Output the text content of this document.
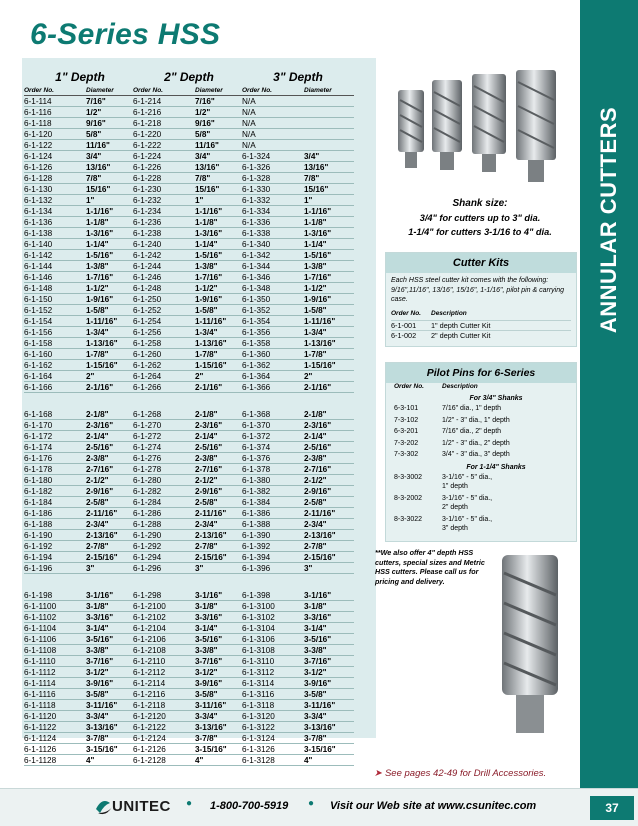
ANNULAR CUTTERS
6-Series HSS
1" Depth
Order No.	Diameter
6-1-114	7/16"
6-1-116	1/2"
6-1-118	9/16"
6-1-120	5/8"
6-1-122	11/16"
6-1-124	3/4"
6-1-126	13/16"
6-1-128	7/8"
6-1-130	15/16"
6-1-132	1"
6-1-134	1-1/16"
6-1-136	1-1/8"
6-1-138	1-3/16"
6-1-140	1-1/4"
6-1-142	1-5/16"
6-1-144	1-3/8"
6-1-146	1-7/16"
6-1-148	1-1/2"
6-1-150	1-9/16"
6-1-152	1-5/8"
6-1-154	1-11/16"
6-1-156	1-3/4"
6-1-158	1-13/16"
6-1-160	1-7/8"
6-1-162	1-15/16"
6-1-164	2"
6-1-166	2-1/16"
6-1-168	2-1/8"
6-1-170	2-3/16"
6-1-172	2-1/4"
6-1-174	2-5/16"
6-1-176	2-3/8"
6-1-178	2-7/16"
6-1-180	2-1/2"
6-1-182	2-9/16"
6-1-184	2-5/8"
6-1-186	2-11/16"
6-1-188	2-3/4"
6-1-190	2-13/16"
6-1-192	2-7/8"
6-1-194	2-15/16"
6-1-196	3"
6-1-198	3-1/16"
6-1-1100	3-1/8"
6-1-1102	3-3/16"
6-1-1104	3-1/4"
6-1-1106	3-5/16"
6-1-1108	3-3/8"
6-1-1110	3-7/16"
6-1-1112	3-1/2"
6-1-1114	3-9/16"
6-1-1116	3-5/8"
6-1-1118	3-11/16"
6-1-1120	3-3/4"
6-1-1122	3-13/16"
6-1-1124	3-7/8"
6-1-1126	3-15/16"
6-1-1128	4"
2" Depth
Order No.	Diameter
6-1-214	7/16"
6-1-216	1/2"
6-1-218	9/16"
6-1-220	5/8"
6-1-222	11/16"
6-1-224	3/4"
6-1-226	13/16"
6-1-228	7/8"
6-1-230	15/16"
6-1-232	1"
6-1-234	1-1/16"
6-1-236	1-1/8"
6-1-238	1-3/16"
6-1-240	1-1/4"
6-1-242	1-5/16"
6-1-244	1-3/8"
6-1-246	1-7/16"
6-1-248	1-1/2"
6-1-250	1-9/16"
6-1-252	1-5/8"
6-1-254	1-11/16"
6-1-256	1-3/4"
6-1-258	1-13/16"
6-1-260	1-7/8"
6-1-262	1-15/16"
6-1-264	2"
6-1-266	2-1/16"
6-1-268	2-1/8"
6-1-270	2-3/16"
6-1-272	2-1/4"
6-1-274	2-5/16"
6-1-276	2-3/8"
6-1-278	2-7/16"
6-1-280	2-1/2"
6-1-282	2-9/16"
6-1-284	2-5/8"
6-1-286	2-11/16"
6-1-288	2-3/4"
6-1-290	2-13/16"
6-1-292	2-7/8"
6-1-294	2-15/16"
6-1-296	3"
6-1-298	3-1/16"
6-1-2100	3-1/8"
6-1-2102	3-3/16"
6-1-2104	3-1/4"
6-1-2106	3-5/16"
6-1-2108	3-3/8"
6-1-2110	3-7/16"
6-1-2112	3-1/2"
6-1-2114	3-9/16"
6-1-2116	3-5/8"
6-1-2118	3-11/16"
6-1-2120	3-3/4"
6-1-2122	3-13/16"
6-1-2124	3-7/8"
6-1-2126	3-15/16"
6-1-2128	4"
3" Depth
Order No.	Diameter
N/A
N/A
N/A
N/A
N/A
6-1-324	3/4"
6-1-326	13/16"
6-1-328	7/8"
6-1-330	15/16"
6-1-332	1"
6-1-334	1-1/16"
6-1-336	1-1/8"
6-1-338	1-3/16"
6-1-340	1-1/4"
6-1-342	1-5/16"
6-1-344	1-3/8"
6-1-346	1-7/16"
6-1-348	1-1/2"
6-1-350	1-9/16"
6-1-352	1-5/8"
6-1-354	1-11/16"
6-1-356	1-3/4"
6-1-358	1-13/16"
6-1-360	1-7/8"
6-1-362	1-15/16"
6-1-364	2"
6-1-366	2-1/16"
6-1-368	2-1/8"
6-1-370	2-3/16"
6-1-372	2-1/4"
6-1-374	2-5/16"
6-1-376	2-3/8"
6-1-378	2-7/16"
6-1-380	2-1/2"
6-1-382	2-9/16"
6-1-384	2-5/8"
6-1-386	2-11/16"
6-1-388	2-3/4"
6-1-390	2-13/16"
6-1-392	2-7/8"
6-1-394	2-15/16"
6-1-396	3"
6-1-398	3-1/16"
6-1-3100	3-1/8"
6-1-3102	3-3/16"
6-1-3104	3-1/4"
6-1-3106	3-5/16"
6-1-3108	3-3/8"
6-1-3110	3-7/16"
6-1-3112	3-1/2"
6-1-3114	3-9/16"
6-1-3116	3-5/8"
6-1-3118	3-11/16"
6-1-3120	3-3/4"
6-1-3122	3-13/16"
6-1-3124	3-7/8"
6-1-3126	3-15/16"
6-1-3128	4"
Shank size:
3/4" for cutters up to 3" dia.
1-1/4" for cutters 3-1/16 to 4" dia.
Cutter Kits
Each HSS steel cutter kit comes with the following: 9/16",11/16", 13/16", 15/16", 1-1/16", pilot pin & carrying case.
Order No.	Description
6-1-001	1" depth Cutter Kit
6-1-002	2" depth Cutter Kit
Pilot Pins for 6-Series
Order No.	Description
For 3/4" Shanks
6-3-101	7/16" dia., 1" depth
7-3-102	1/2" - 3" dia., 1" depth
6-3-201	7/16" dia., 2" depth
7-3-202	1/2" - 3" dia., 2" depth
7-3-302	3/4" - 3" dia., 3" depth
For 1-1/4" Shanks
8-3-3002	3-1/16" - 5" dia.,
1" depth
8-3-2002	3-1/16" - 5" dia.,
2" depth
8-3-3022	3-1/16" - 5" dia.,
3" depth
**We also offer 4" depth HSS cutters, special sizes and Metric HSS cutters. Please call us for pricing and delivery.
➤ See pages 42-49 for Drill Accessories.
UNITEC ● 1-800-700-5919 ● Visit our Web site at www.csunitec.com	37
